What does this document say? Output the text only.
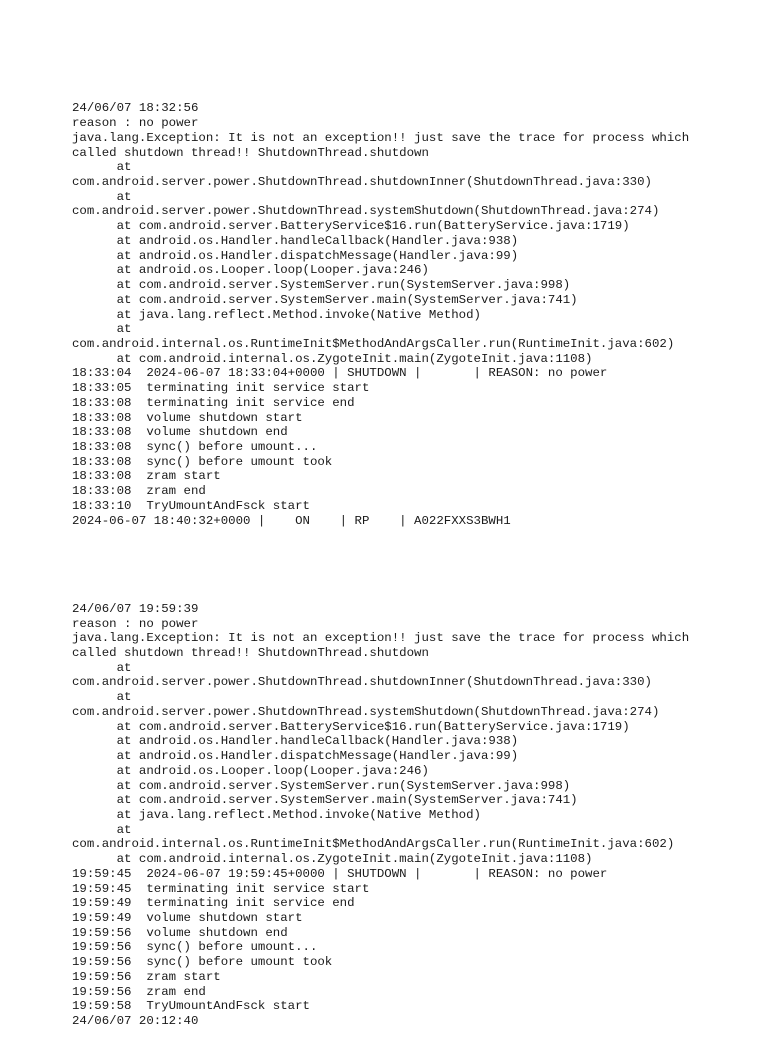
24/06/07 18:32:56
reason : no power
java.lang.Exception: It is not an exception!! just save the trace for process which
called shutdown thread!! ShutdownThread.shutdown
at
com.android.server.power.ShutdownThread.shutdownInner(ShutdownThread.java:330)
at
com.android.server.power.ShutdownThread.systemShutdown(ShutdownThread.java:274)
at com.android.server.BatteryService$16.run(BatteryService.java:1719)
at android.os.Handler.handleCallback(Handler.java:938)
at android.os.Handler.dispatchMessage(Handler.java:99)
at android.os.Looper.loop(Looper.java:246)
at com.android.server.SystemServer.run(SystemServer.java:998)
at com.android.server.SystemServer.main(SystemServer.java:741)
at java.lang.reflect.Method.invoke(Native Method)
at
com.android.internal.os.RuntimeInit$MethodAndArgsCaller.run(RuntimeInit.java:602)
at com.android.internal.os.ZygoteInit.main(ZygoteInit.java:1108)
18:33:04  2024-06-07 18:33:04+0000 | SHUTDOWN |       | REASON: no power
18:33:05  terminating init service start
18:33:08  terminating init service end
18:33:08  volume shutdown start
18:33:08  volume shutdown end
18:33:08  sync() before umount...
18:33:08  sync() before umount took
18:33:08  zram start
18:33:08  zram end
18:33:10  TryUmountAndFsck start
2024-06-07 18:40:32+0000 |    ON    | RP    | A022FXXS3BWH1

24/06/07 19:59:39
reason : no power
java.lang.Exception: It is not an exception!! just save the trace for process which
called shutdown thread!! ShutdownThread.shutdown
at
com.android.server.power.ShutdownThread.shutdownInner(ShutdownThread.java:330)
at
com.android.server.power.ShutdownThread.systemShutdown(ShutdownThread.java:274)
at com.android.server.BatteryService$16.run(BatteryService.java:1719)
at android.os.Handler.handleCallback(Handler.java:938)
at android.os.Handler.dispatchMessage(Handler.java:99)
at android.os.Looper.loop(Looper.java:246)
at com.android.server.SystemServer.run(SystemServer.java:998)
at com.android.server.SystemServer.main(SystemServer.java:741)
at java.lang.reflect.Method.invoke(Native Method)
at
com.android.internal.os.RuntimeInit$MethodAndArgsCaller.run(RuntimeInit.java:602)
at com.android.internal.os.ZygoteInit.main(ZygoteInit.java:1108)
19:59:45  2024-06-07 19:59:45+0000 | SHUTDOWN |       | REASON: no power
19:59:45  terminating init service start
19:59:49  terminating init service end
19:59:49  volume shutdown start
19:59:56  volume shutdown end
19:59:56  sync() before umount...
19:59:56  sync() before umount took
19:59:56  zram start
19:59:56  zram end
19:59:58  TryUmountAndFsck start
24/06/07 20:12:40
